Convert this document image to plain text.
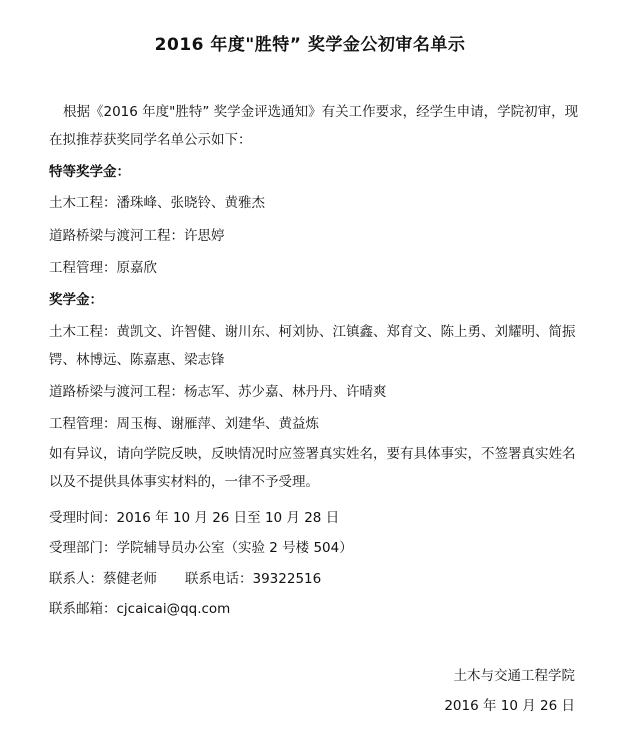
2016 年度"胜特” 奖学金公初审名单示

根据《2016 年度"胜特” 奖学金评选通知》有关工作要求，经学生申请，学院初审，现在拟推荐获奖同学名单公示如下：

特等奖学金：
土木工程：潘珠峰、张晓铃、黄雅杰
道路桥梁与渡河工程：许思婷
工程管理：原嘉欣
奖学金：

土木工程：黄凯文、许智健、谢川东、柯刘协、江镇鑫、郑育文、陈上勇、刘耀明、简振锷、林博远、陈嘉惠、梁志锋

道路桥梁与渡河工程：杨志军、苏少嘉、林丹丹、许晴爽
工程管理：周玉梅、谢雁萍、刘建华、黄益炼

如有异议，请向学院反映，反映情况时应签署真实姓名，要有具体事实，不签署真实姓名以及不提供具体事实材料的，一律不予受理。

受理时间：2016 年 10 月 26 日至 10 月 28 日
受理部门：学院辅导员办公室（实验 2 号楼 504）
联系人：蔡健老师 联系电话：39322516
联系邮箱：cjcaicai@qq.com
土木与交通工程学院
2016 年 10 月 26 日
